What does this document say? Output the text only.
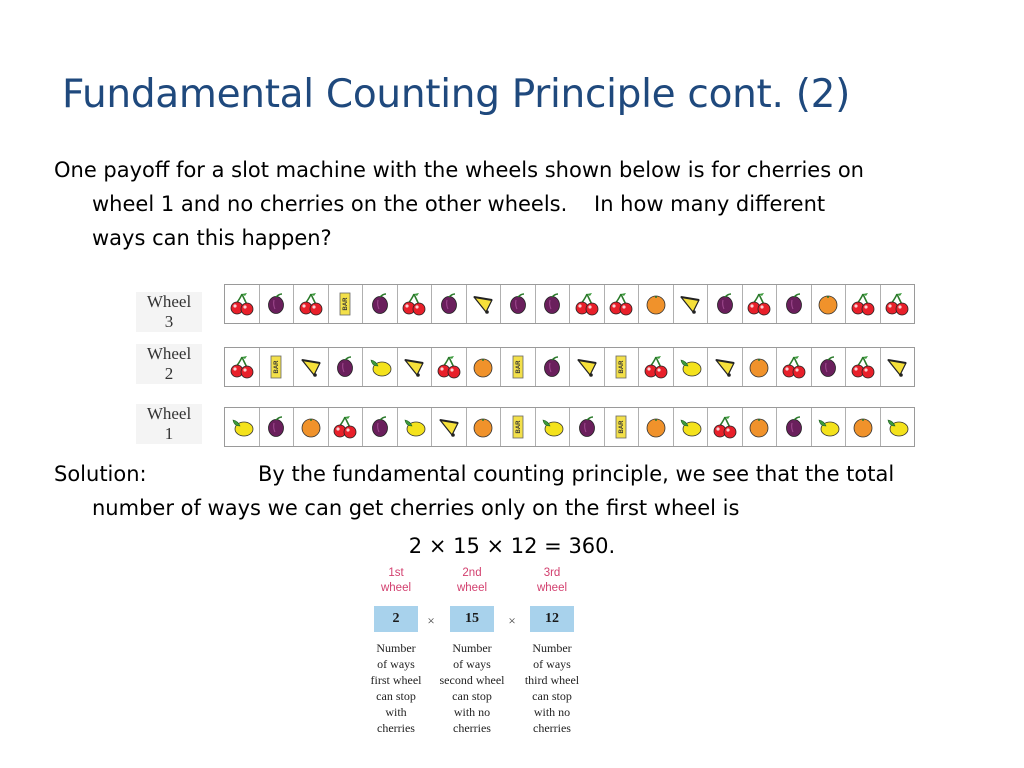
Fundamental Counting Principle cont. (2)
One payoff for a slot machine with the wheels shown below is for cherries on
wheel 1 and no cherries on the other wheels.    In how many different
ways can this happen?
Wheel
3
BAR
Wheel
2	BAR	BAR	BAR
Wheel
1	BAR	BAR
Solution:	By the fundamental counting principle, we see that the total
number of ways we can get cherries only on the first wheel is
2 × 15 × 12 = 360.
1st
wheel
2
Number
of ways
first wheel
can stop
with
cherries
×
2nd
wheel
15
Number
of ways
second wheel
can stop
with no
cherries
×
3rd
wheel
12
Number
of ways
third wheel
can stop
with no
cherries
